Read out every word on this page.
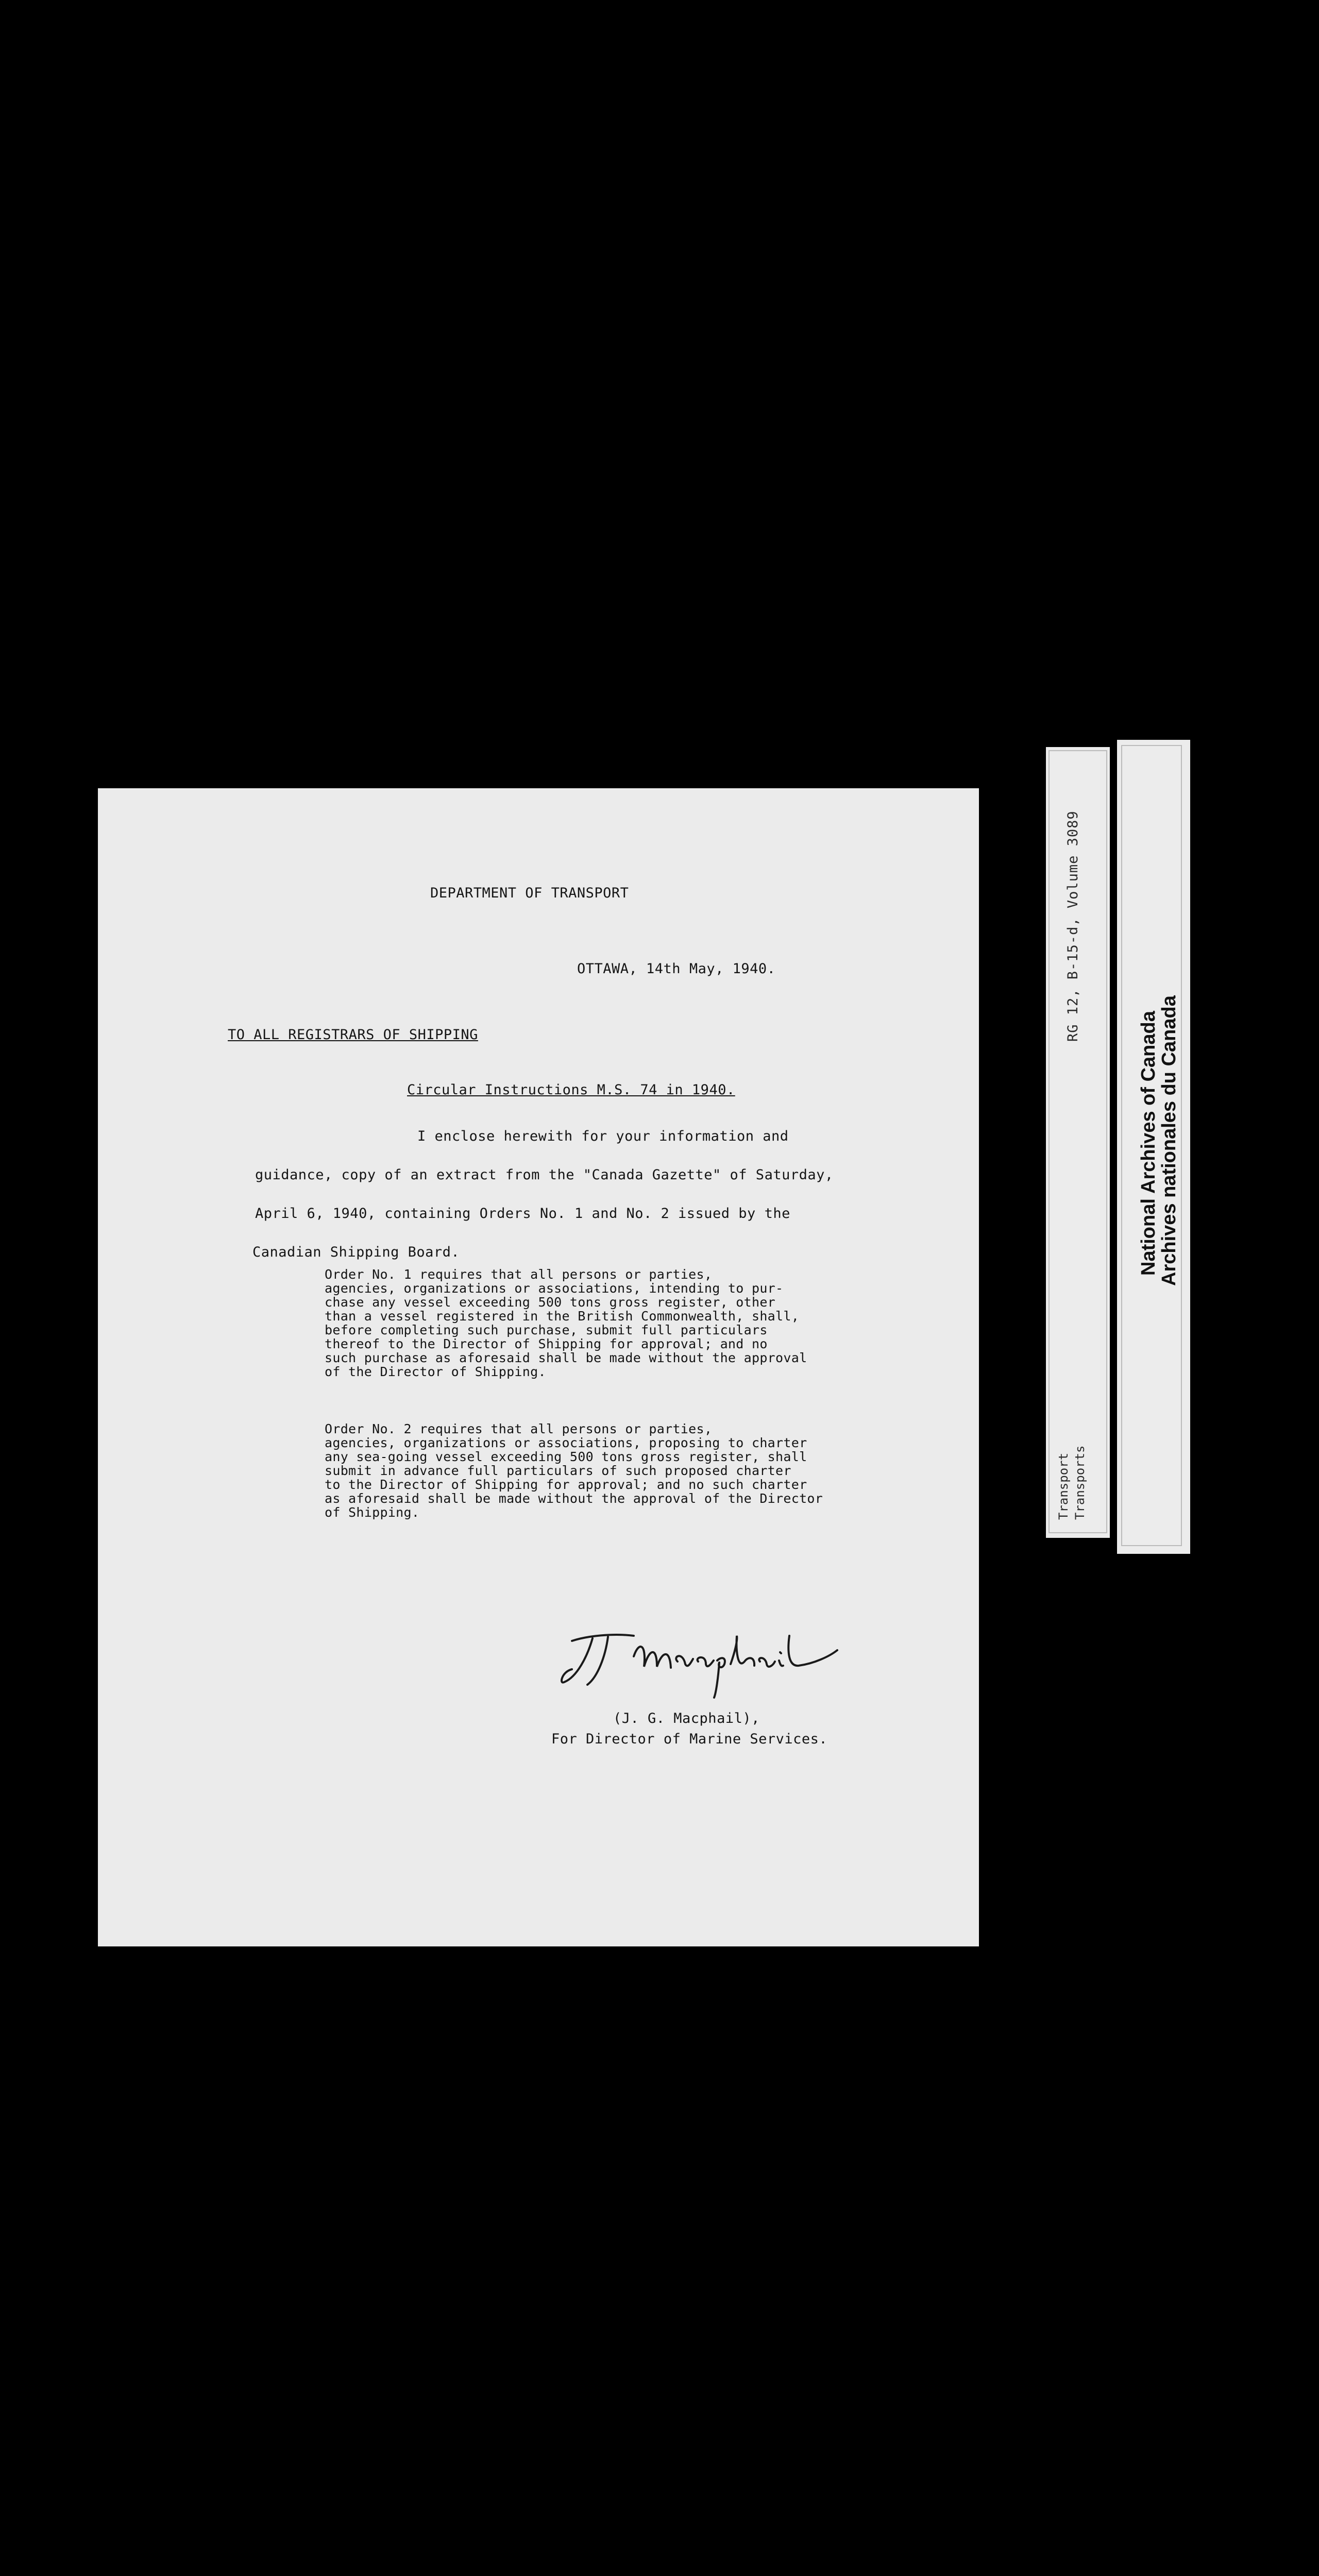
DEPARTMENT OF TRANSPORT
OTTAWA, 14th May, 1940.
TO ALL REGISTRARS OF SHIPPING
Circular Instructions M.S. 74 in 1940.
I enclose herewith for your information and
guidance, copy of an extract from the "Canada Gazette" of Saturday,
April 6, 1940, containing Orders No. 1 and No. 2 issued by the
Canadian Shipping Board.
Order No. 1 requires that all persons or parties,
agencies, organizations or associations, intending to pur-
chase any vessel exceeding 500 tons gross register, other
than a vessel registered in the British Commonwealth, shall,
before completing such purchase, submit full particulars
thereof to the Director of Shipping for approval; and no
such purchase as aforesaid shall be made without the approval
of the Director of Shipping.
Order No. 2 requires that all persons or parties,
agencies, organizations or associations, proposing to charter
any sea-going vessel exceeding 500 tons gross register, shall
submit in advance full particulars of such proposed charter
to the Director of Shipping for approval; and no such charter
as aforesaid shall be made without the approval of the Director
of Shipping.
(J. G. Macphail),
For Director of Marine Services.
RG 12, B-15-d, Volume 3089
Transport Transports
National Archives of Canada
Archives nationales du Canada
